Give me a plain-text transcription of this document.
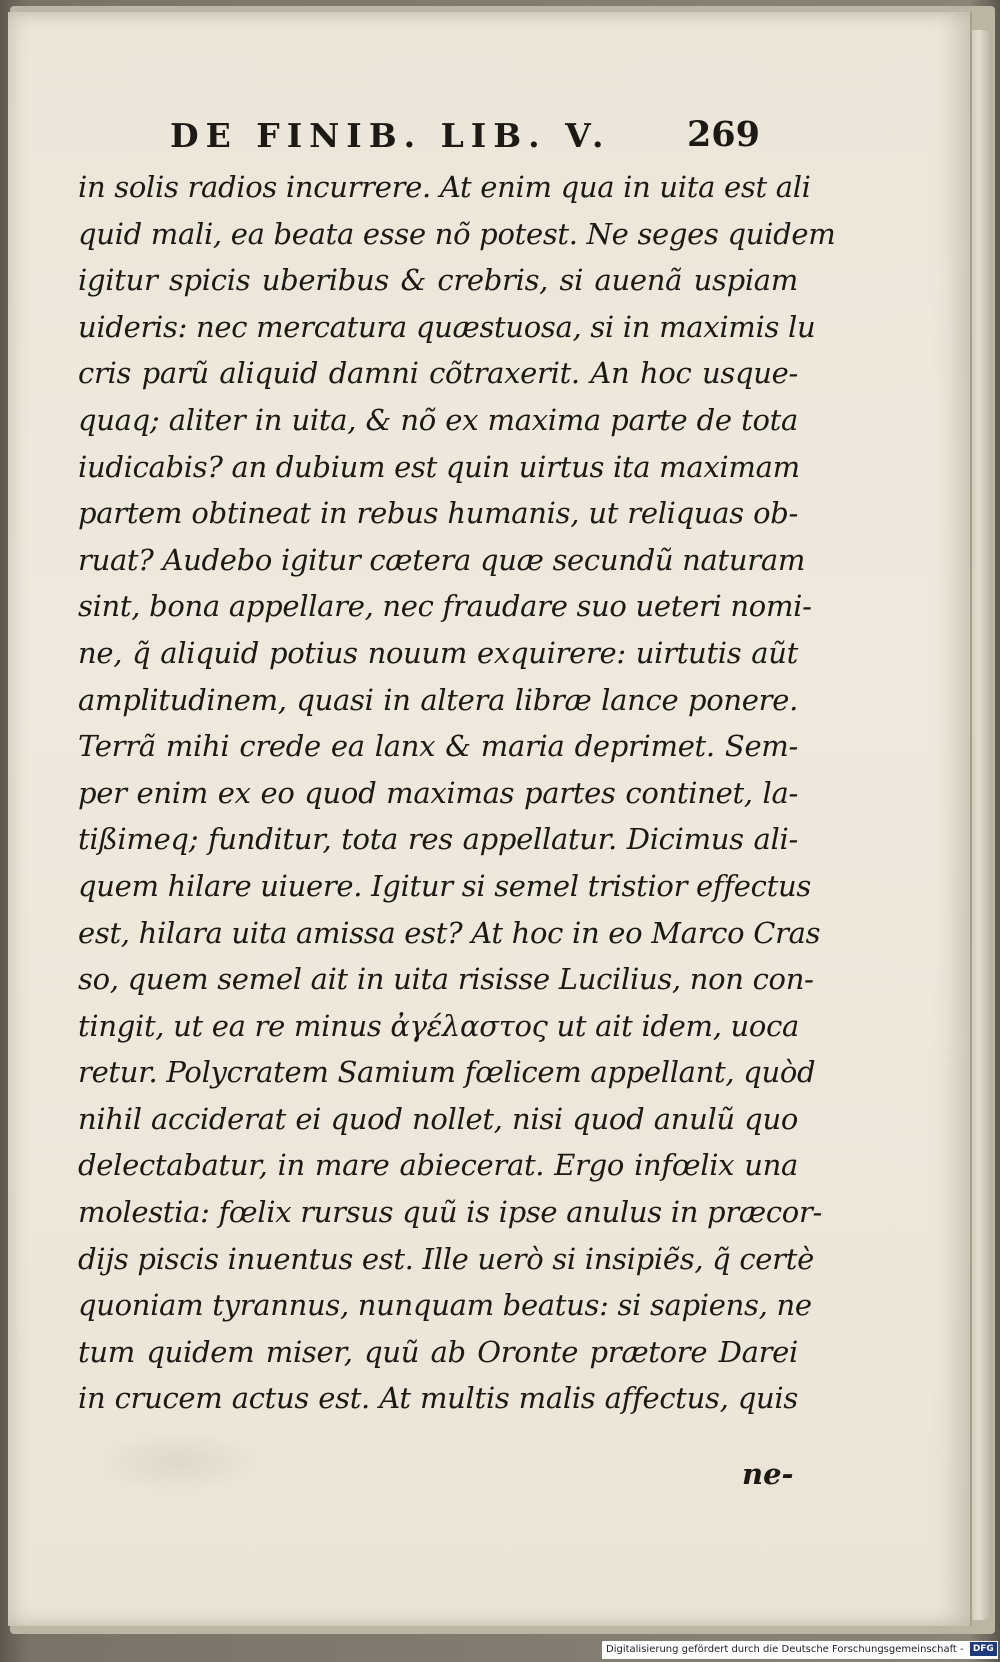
DE FINIB. LIB. V. 269
in solis radios incurrere. At enim qua in uita est ali
quid mali, ea beata esse nõ potest. Ne seges quidem
igitur spicis uberibus & crebris, si auenã uspiam
uideris: nec mercatura quæstuosa, si in maximis lu
cris parũ aliquid damni cõtraxerit. An hoc usque-
quaq; aliter in uita, & nõ ex maxima parte de tota
iudicabis? an dubium est quin uirtus ita maximam
partem obtineat in rebus humanis, ut reliquas ob-
ruat? Audebo igitur cætera quæ secundũ naturam
sint, bona appellare, nec fraudare suo ueteri nomi-
ne, q̃ aliquid potius nouum exquirere: uirtutis aũt
amplitudinem, quasi in altera libræ lance ponere.
Terrã mihi crede ea lanx & maria deprimet. Sem-
per enim ex eo quod maximas partes continet, la-
tißimeq; funditur, tota res appellatur. Dicimus ali-
quem hilare uiuere. Igitur si semel tristior effectus
est, hilara uita amissa est? At hoc in eo Marco Cras
so, quem semel ait in uita risisse Lucilius, non con-
tingit, ut ea re minus ἀγέλαστος ut ait idem, uoca
retur. Polycratem Samium fœlicem appellant, quòd
nihil acciderat ei quod nollet, nisi quod anulũ quo
delectabatur, in mare abiecerat. Ergo infœlix una
molestia: fœlix rursus quũ is ipse anulus in præcor-
dijs piscis inuentus est. Ille uerò si insipiẽs, q̃ certè
quoniam tyrannus, nunquam beatus: si sapiens, ne
tum quidem miser, quũ ab Oronte prætore Darei
in crucem actus est. At multis malis affectus, quis
ne-
Digitalisierung gefördert durch die Deutsche Forschungsgemeinschaft - DFG
